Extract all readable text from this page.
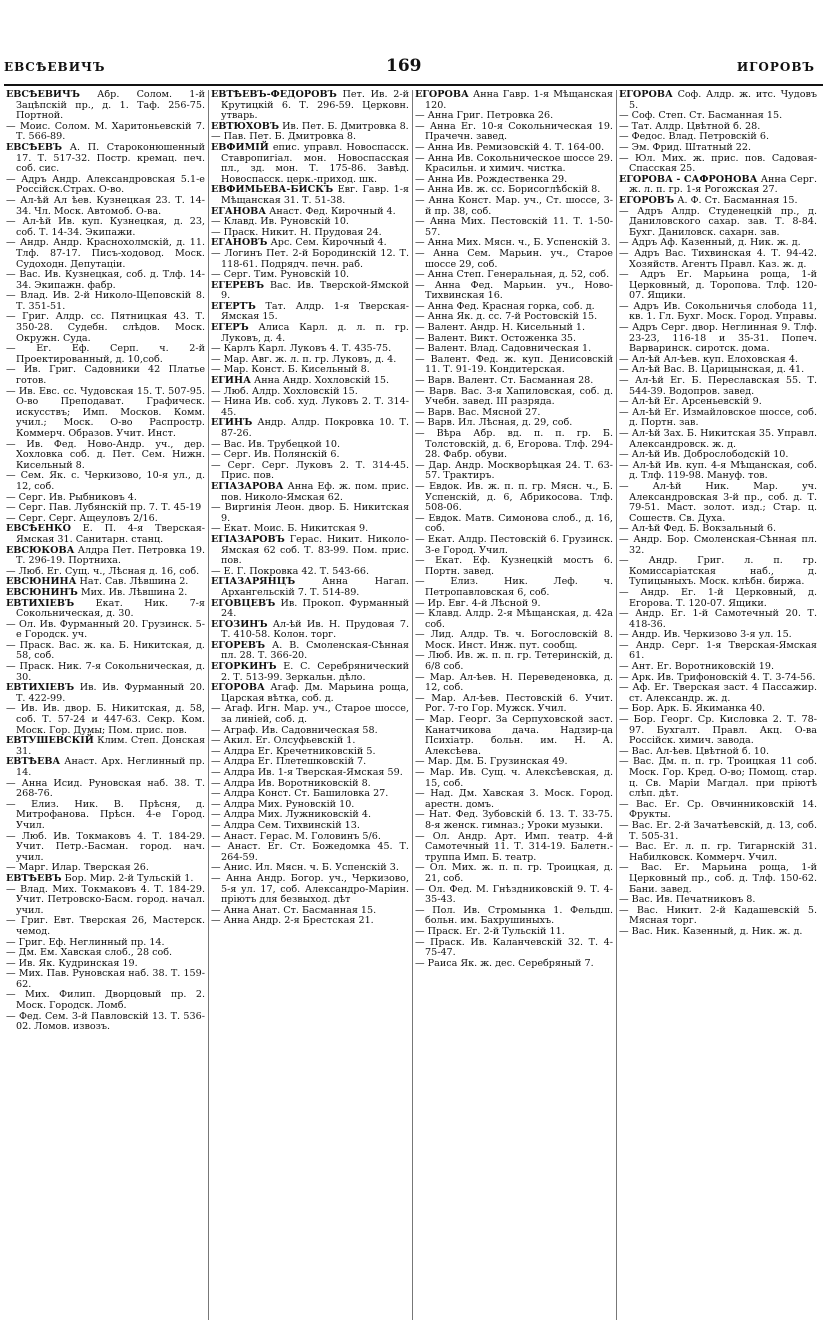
ЕВСѢЕВИЧЪ	169	ИГОРОВЪ

ЕВСѢЕВИЧЪ Абр. Солом. 1-й Зацѣпскій пр., д. 1. Таф. 256-75. Портной.

— Моис. Солом. М. Харитоньевскій 7. Т. 566-89.

ЕВСѢЕВЪ А. П. Староконюшенный 17. Т. 517-32. Постр. кремац. печ. соб. сис.

— Адръ Андр. Александровская 5.1-е Россійск.Страх. О-во.

— Ал-ѣй Ал ѣев. Кузнецкая 23. Т. 14-34. Чл. Моск. Автомоб. О-ва.

— Ал-ѣй Ив. куп. Кузнецкая, д. 23, соб. Т. 14-34. Экипажи.

— Андр. Андр. Краснохолмскій, д. 11. Тлф. 87-17. Писъ-ходовод. Моск. Судоходн. Депутаціи.

— Вас. Ив. Кузнецкая, соб. д. Тлф. 14-34. Экипажн. фабр.

— Влад. Ив. 2-й Николо-Щеповскій 8. Т. 351-51.

— Григ. Алдр. сс. Пятницкая 43. Т. 350-28. Судебн. слѣдов. Моск. Окружн. Суда.

— Ег. Еф. Серп. ч. 2-й Проектированный, д. 10,соб.

— Ив. Григ. Садовники 42 Платье готов.

— Ив. Евс. сс. Чудовская 15. Т. 507-95. О-во Преподават. Графическ. искусствъ; Имп. Москов. Комм. учил.; Моск. О-во Распростр. Коммерч. Образов. Учит. Инст.

— Ив. Фед. Ново-Андр. уч., дер. Хохловка соб. д. Пет. Сем. Нижн. Кисельный 8.

— Сем. Як. с. Черкизово, 10-я ул., д. 12, соб.

— Серг. Ив. Рыбниковъ 4.

— Серг. Пав. Лубянскій пр. 7. Т. 45-19

— Серг. Серг. Ащеуловъ 2/16.

ЕВСѢЕНКО Е. П. 4-я Тверская-Ямская 31. Санитарн. станц.

ЕВСЮКОВА Алдра Пет. Петровка 19. Т. 296-19. Портниха.

— Люб. Ег. Сущ. ч., Лѣсная д. 16, соб.

ЕВСЮНИНА Нат. Сав. Лѣвшина 2.

ЕВСЮНИНЪ Мих. Ив. Лѣвшина 2.

ЕВТИХІЕВЪ Екат. Ник. 7-я Сокольническая, д. 30.

— Ол. Ив. Фурманный 20. Грузинск. 5-е Городск. уч.

— Праск. Вас. ж. ка. Б. Никитская, д. 58, соб.

— Праск. Ник. 7-я Сокольническая, д. 30.

ЕВТИХІЕВЪ Ив. Ив. Фурманный 20. Т. 422-99.

— Ив. Ив. двор. Б. Никитская, д. 58, соб. Т. 57-24 и 447-63. Секр. Ком. Моск. Гор. Думы; Пом. прис. пов.

ЕВТУШЕВСКІЙ Клим. Степ. Донская 31.

ЕВТѢЕВА Анаст. Арх. Неглинный пр. 14.

— Анна Исид. Руновская наб. 38. Т. 268-76.

— Елиз. Ник. В. Прѣсня, д. Митрофанова. Прѣсн. 4-е Город. Учил.

— Люб. Ив. Токмаковъ 4. Т. 184-29. Учит. Петр.-Басман. город. нач. учил.

— Марг. Илар. Тверская 26.

ЕВТѢЕВЪ Бор. Мир. 2-й Тульскій 1.

— Влад. Мих. Токмаковъ 4. Т. 184-29. Учит. Петровско-Басм. город. начал. учил.

— Григ. Евт. Тверская 26, Мастерск. чемод.

— Григ. Еф. Неглинный пр. 14.

— Дм. Ем. Хавская слоб., 28 соб.

— Ив. Як. Кудринская 19.

— Мих. Пав. Руновская наб. 38. Т. 159-62.

— Мих. Филип. Дворцовый пр. 2. Моск. Городск. Ломб.

— Фед. Сем. 3-й Павловскій 13. Т. 536-02. Ломов. извозъ.

ЕВТѢЕВЪ-ФЕДОРОВЪ Пет. Ив. 2-й Крутицкій 6. Т. 296-59. Церковн. утварь.

ЕВТЮХОВЪ Ив. Пет. Б. Дмитровка 8.

— Пав. Пет. Б. Дмитровка 8.

ЕВФИМІЙ епис. управл. Новоспасск. Ставропигіал. мон. Новоспасская пл., зд. мон. Т. 175-86. Завѣд. Новоспасск. церк.-приход. шк.

ЕВФИМЬЕВА-БИСКЪ Евг. Гавр. 1-я Мѣщанская 31. Т. 51-38.

ЕГАНОВА Анаст. Фед. Кирочный 4.

— Клавд. Ив. Руновскій 10.

— Праск. Никит. Н. Прудовая 24.

ЕГАНОВЪ Арс. Сем. Кирочный 4.

— Логинъ Пет. 2-й Бородинскій 12. Т. 118-61. Подрядч. печн. раб.

— Серг. Тим. Руновскій 10.

ЕГЕРЕВЪ Вас. Ив. Тверской-Ямской 9.

ЕГЕРТЪ Тат. Алдр. 1-я Тверская-Ямская 15.

ЕГЕРЪ Алиса Карл. д. л. п. гр. Луковъ, д. 4.

— Карлъ Карл. Луковъ 4. Т. 435-75.

— Мар. Авг. ж. л. п. гр. Луковъ, д. 4.

— Мар. Конст. Б. Кисельный 8.

ЕГИНА Анна Андр. Хохловскій 15.

— Люб. Алдр. Хохловскій 15.

— Нина Ив. соб. худ. Луковъ 2. Т. 314-45.

ЕГИНЪ Андр. Алдр. Покровка 10. Т. 87-26.

— Вас. Ив. Трубецкой 10.

— Серг. Ив. Полянскій 6.

— Серг. Серг. Луковъ 2. Т. 314-45. Прис. пов.

ЕГІАЗАРОВА Анна Еф. ж. пом. прис. пов. Николо-Ямская 62.

— Виргинія Леон. двор. Б. Никитская 9.

— Екат. Моис. Б. Никитская 9.

ЕГІАЗАРОВЪ Герас. Никит. Николо-Ямская 62 соб. Т. 83-99. Пом. прис. пов.

— Е. Г. Покровка 42. Т. 543-66.

ЕГІАЗАРЯНЦЪ	Анна Нагап. Архангельскій 7. Т. 514-89.

ЕГОВЦЕВЪ Ив. Прокоп. Фурманный 24.

ЕГОЗИНЪ Ал-ѣй Ив. Н. Прудовая 7. Т. 410-58. Колон. торг.

ЕГОРЕВЪ А. В. Смоленская-Сѣнная пл. 28. Т. 366-20.

ЕГОРКИНЪ Е. С. Серебрянический 2. Т. 513-99. Зеркальн. дѣло.

ЕГОРОВА Агаф. Дм. Марьина роща, Царская вѣтка, соб. д.

— Агаф. Игн. Мар. уч., Старое шоссе, за линіей, соб. д.

— Аграф. Ив. Садовническая 58.

— Акил. Ег. Олсуфьевскій 1.

— Алдра Ег. Кречетниковскій 5.

— Алдра Ег. Плетешковскій 7.

— Алдра Ив. 1-я Тверская-Ямская 59.

— Алдра Ив. Воротниковскій 8.

— Алдра Конст. Ст. Башиловка 27.

— Алдра Мих. Руновскій 10.

— Алдра Мих. Лужниковскій 4.

— Алдра Сем. Тихвинскій 13.

— Анаст. Герас. М. Головинъ 5/6.

— Анаст. Ег. Ст. Божедомка 45. Т. 264-59.

— Анис. Ил. Мясн. ч. Б. Успенскій 3.

— Анна Андр. Богор. уч., Черкизово, 5-я ул. 17, соб. Александро-Маріин. пріютъ для безвыход. дѣт

— Анна Анат. Ст. Басманная 15.

— Анна Андр. 2-я Брестская 21.

ЕГОРОВА Анна Гавр. 1-я Мѣщанская 120.

— Анна Григ. Петровка 26.

— Анна Ег. 10-я Сокольническая 19. Прачечн. завед.

— Анна Ив. Ремизовскій 4. Т. 164-00.

— Анна Ив. Сокольническое шоссе 29. Красильн. и химич. чистка.

— Анна Ив. Рождественка 29.

— Анна Ив. ж. сс. Борисоглѣбскій 8.

— Анна Конст. Мар. уч., Ст. шоссе, 3-й пр. 38, соб.

— Анна Мих. Пестовскій 11. Т. 1-50-57.

— Анна Мих. Мясн. ч., Б. Успенскій 3.

— Анна Сем. Марьин. уч., Старое шоссе 29, соб.

— Анна Степ. Генеральная, д. 52, соб.

— Анна Фед. Марьин. уч., Ново-Тихвинская 16.

— Анна Фед. Красная горка, соб. д.

— Анна Як. д. сс. 7-й Ростовскій 15.

— Валент. Андр. Н. Кисельный 1.

— Валент. Викт. Остоженка 35.

— Валент. Влад. Садовническая 1.

— Валент. Фед. ж. куп. Денисовскій 11. Т. 91-19. Кондитерская.

— Варв. Валент. Ст. Басманная 28.

— Варв. Вас. 3-я Хапиловская, соб. д. Учебн. завед. III разряда.

— Варв. Вас. Мясной 27.

— Варв. Ил. Лѣсная, д. 29, соб.

— Вѣра Абр. вд. п. п. гр. Б. Толстовскій, д. 6, Егорова. Тлф. 294-28. Фабр. обуви.

— Дар. Андр. Москворѣцкая 24. Т. 63-57. Трактиръ.

— Евдок. Ив. ж. п. п. гр. Мясн. ч., Б. Успенскій, д. 6, Абрикосова. Тлф. 508-06.

— Евдок. Матв. Симонова слоб., д. 16, соб.

— Екат. Алдр. Пестовскій 6. Грузинск. 3-е Город. Учил.

— Екат. Еф. Кузнецкій мостъ 6. Портн. завед.

— Елиз. Ник. Леф. ч. Петропавловская 6, соб.

— Ир. Евг. 4-й Лѣсной 9.

— Клавд. Алдр. 2-я Мѣщанская, д. 42а соб.

— Лид. Алдр. Тв. ч. Богословскій 8. Моск. Инст. Инж. пут. сообщ.

— Люб. Ив. ж. п. п. гр. Тетеринскій, д. 6/8 соб.

— Мар. Ал-ѣев. Н. Переведеновка, д. 12, соб.

— Мар. Ал-ѣев. Пестовскій 6. Учит. Рог. 7-го Гор. Мужск. Учил.

— Мар. Георг. За Серпуховской заст. Канатчикова дача. Надзир-ца Психіатр. больн. им. Н. А. Алексѣева.

— Мар. Дм. Б. Грузинская 49.

— Мар. Ив. Сущ. ч. Алексѣевская, д. 15, соб.

— Над. Дм. Хавская 3. Моск. Город. арестн. домъ.

— Нат. Фед. Зубовскій б. 13. Т. 33-75. 8-я женск. гимназ.; Уроки музыки.

— Ол. Андр. Арт. Имп. театр. 4-й Самотечный 11. Т. 314-19. Балетн.-труппа Имп. Б. театр.

— Ол. Мих. ж. п. п. гр. Троицкая, д. 21, соб.

— Ол. Фед. М. Гнѣздниковскій 9. Т. 4-35-43.

— Пол. Ив. Стромынка 1. Фельдш. больн. им. Бахрушиныхъ.

— Праск. Ег. 2-й Тульскій 11.

— Праск. Ив. Каланчевскій 32. Т. 4-75-47.

— Раиса Як. ж. дес. Серебряный 7.

ЕГОРОВА Соф. Алдр. ж. итс. Чудовъ 5.

— Соф. Степ. Ст. Басманная 15.

— Тат. Алдр. Цвѣтной б. 28.

— Федос. Влад. Петровскій 6.

— Эм. Фрид. Штатный 22.

— Юл. Мих. ж. прис. пов. Садовая-Спасская 25.

ЕГОРОВА - САФРОНОВА Анна Серг. ж. л. п. гр. 1-я Рогожская 27.

ЕГОРОВЪ А. Ф. Ст. Басманная 15.

— Адръ Алдр. Студенецкій пр., д. Даниловского сахар. зав. Т. 8-84. Бухг. Даниловск. сахарн. зав.

— Адръ Аф. Казенный, д. Ник. ж. д.

— Адръ Вас. Тихвинская 4. Т. 94-42. Хозяйств. Агентъ Правл. Каз. ж. д.

— Адръ Ег. Марьина роща, 1-й Церковный, д. Торопова. Тлф. 120-07. Ящики.

— Адръ Ив. Сокольничья слобода 11, кв. 1. Гл. Бухг. Моск. Город. Управы.

— Адръ Серг. двор. Неглинная 9. Тлф. 23-23, 116-18 и 35-31. Попеч. Варваринск. сиротск. дома.

— Ал-ѣй Ал-ѣев. куп. Елоховская 4.

— Ал-ѣй Вас. В. Царицынская, д. 41.

— Ал-ѣй Ег. Б. Переславская 55. Т. 544-39. Водопров. завед.

— Ал-ѣй Ег. Арсеньевскій 9.

— Ал-ѣй Ег. Измайловское шоссе, соб. д. Портн. зав.

— Ал-ѣй Зах. Б. Никитская 35. Управл. Александровск. ж. д.

— Ал-ѣй Ив. Доброслободскій 10.

— Ал-ѣй Ив. куп. 4-я Мѣщанская, соб. д. Тлф. 119-98. Мануф. тов.

— Ал-ѣй Ник. Мар. уч. Александровская 3-й пр., соб. д. Т. 79-51. Маст. золот. изд.; Стар. ц. Сошеств. Св. Духа.

— Ал-ѣй Фед. Б. Вокзальный 6.

— Андр. Бор. Смоленская-Сѣнная пл. 32.

— Андр. Григ. л. п. гр. Комиссаріатская наб., д. Тупицыныхъ. Моск. клѣбн. биржа.

— Андр. Ег. 1-й Церковный, д. Егорова. Т. 120-07. Ящики.

— Андр. Ег. 1-й Самотечный 20. Т. 418-36.

— Андр. Ив. Черкизово 3-я ул. 15.

— Андр. Серг. 1-я Тверская-Ямская 61.

— Ант. Ег. Воротниковскій 19.

— Арк. Ив. Трифоновскій 4. Т. 3-74-56.

— Аф. Ег. Тверская заст. 4 Пассажир. ст. Александр. ж. д.

— Бор. Арк. Б. Якиманка 40.

— Бор. Георг. Ср. Кисловка 2. Т. 78-97. Бухгалт. Правл. Акц. О-ва Россійск. химич. завода.

— Вас. Ал-ѣев. Цвѣтной б. 10.

— Вас. Дм. п. п. гр. Троицкая 11 соб. Моск. Гор. Кред. О-во; Помощ. стар. ц. Св. Маріи Магдал. при пріютѣ слѣп. дѣт.

— Вас. Ег. Ср. Овчинниковскій 14. Фрукты.

— Вас. Ег. 2-й Зачатѣевскій, д. 13, соб. Т. 505-31.

— Вас. Ег. л. п. гр. Тигарнскій 31. Набилковск. Коммерч. Учил.

— Вас. Ег. Марьина роща, 1-й Церковный пр., соб. д. Тлф. 150-62. Бани. завед.

— Вас. Ив. Печатниковъ 8.

— Вас. Никит. 2-й Кадашевскій 5. Мясная торг.

— Вас. Ник. Казенный, д. Ник. ж. д.
